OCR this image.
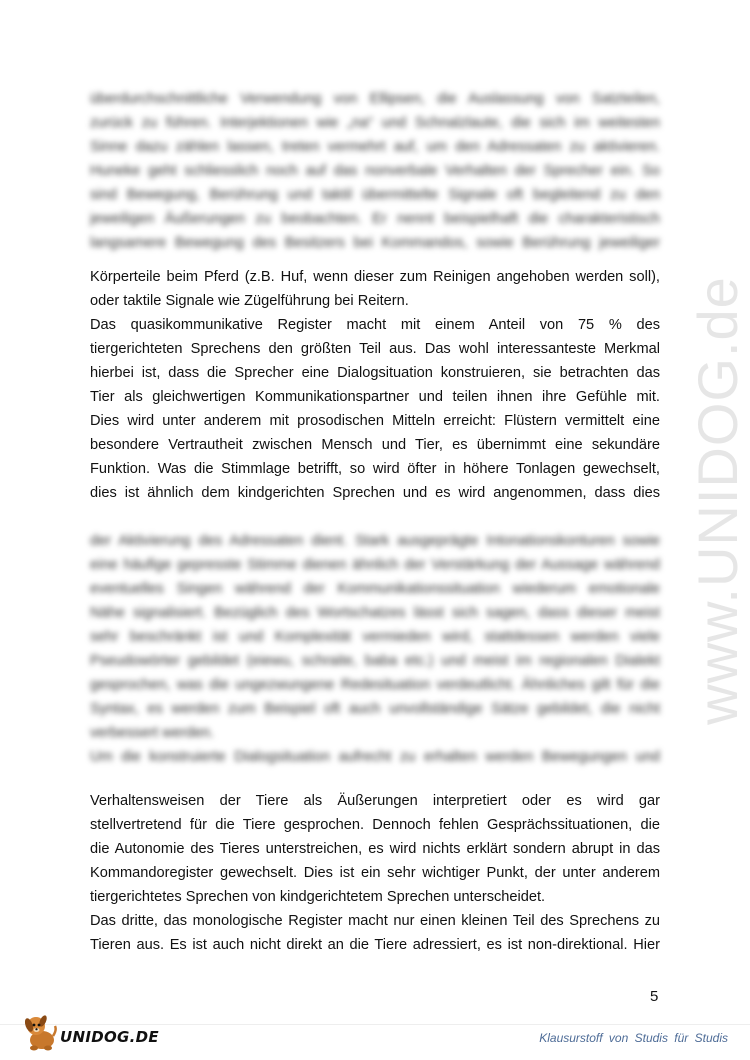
www.UNIDOG.de
überdurchschnittliche Verwendung von Ellipsen, die Auslassung von Satzteilen,
zurück zu führen. Interjektionen wie „na“ und Schnalzlaute, die sich im weitesten
Sinne dazu zählen lassen, treten vermehrt auf, um den Adressaten zu aktivieren.
Huneke geht schliesslich noch auf das nonverbale Verhalten der Sprecher ein. So
sind Bewegung, Berührung und taktil übermittelte Signale oft begleitend zu den
jeweiligen Äußerungen zu beobachten. Er nennt beispielhaft die charakteristisch
langsamere Bewegung des Besitzers bei Kommandos, sowie Berührung jeweiliger
Körperteile beim Pferd (z.B. Huf, wenn dieser zum Reinigen angehoben werden soll),
oder taktile Signale wie Zügelführung bei Reitern.
Das quasikommunikative Register macht mit einem Anteil von 75 % des
tiergerichteten Sprechens den größten Teil aus. Das wohl interessanteste Merkmal
hierbei ist, dass die Sprecher eine Dialogsituation konstruieren, sie betrachten das
Tier als gleichwertigen Kommunikationspartner und teilen ihnen ihre Gefühle mit.
Dies wird unter anderem mit prosodischen Mitteln erreicht: Flüstern vermittelt eine
besondere Vertrautheit zwischen Mensch und Tier, es übernimmt eine sekundäre
Funktion. Was die Stimmlage betrifft, so wird öfter in höhere Tonlagen gewechselt,
dies ist ähnlich dem kindgerichten Sprechen und es wird angenommen, dass dies
der Aktivierung des Adressaten dient. Stark ausgeprägte Intonationskonturen sowie
eine häufige gepresste Stimme dienen ähnlich der Verstärkung der Aussage während
eventuelles Singen während der Kommunikationssituation wiederum emotionale
Nähe signalisiert. Bezüglich des Wortschatzes lässt sich sagen, dass dieser meist
sehr beschränkt ist und Komplexität vermieden wird, stattdessen werden viele
Pseudowörter gebildet (eiewu, schraite, baba etc.) und meist im regionalen Dialekt
gesprochen, was die ungezwungene Redesituation verdeutlicht. Ähnliches gilt für die
Syntax, es werden zum Beispiel oft auch unvollständige Sätze gebildet, die nicht
verbessert werden.
Um die konstruierte Dialogsituation aufrecht zu erhalten werden Bewegungen und
Verhaltensweisen der Tiere als Äußerungen interpretiert oder es wird gar
stellvertretend für die Tiere gesprochen. Dennoch fehlen Gesprächssituationen, die
die Autonomie des Tieres unterstreichen, es wird nichts erklärt sondern abrupt in das
Kommandoregister gewechselt. Dies ist ein sehr wichtiger Punkt, der unter anderem
tiergerichtetes Sprechen von kindgerichtetem Sprechen unterscheidet.
Das dritte, das monologische Register macht nur einen kleinen Teil des Sprechens zu
Tieren aus. Es ist auch nicht direkt an die Tiere adressiert, es ist non-direktional. Hier
5
UNIDOG.DE	Klausurstoff von Studis für Studis
